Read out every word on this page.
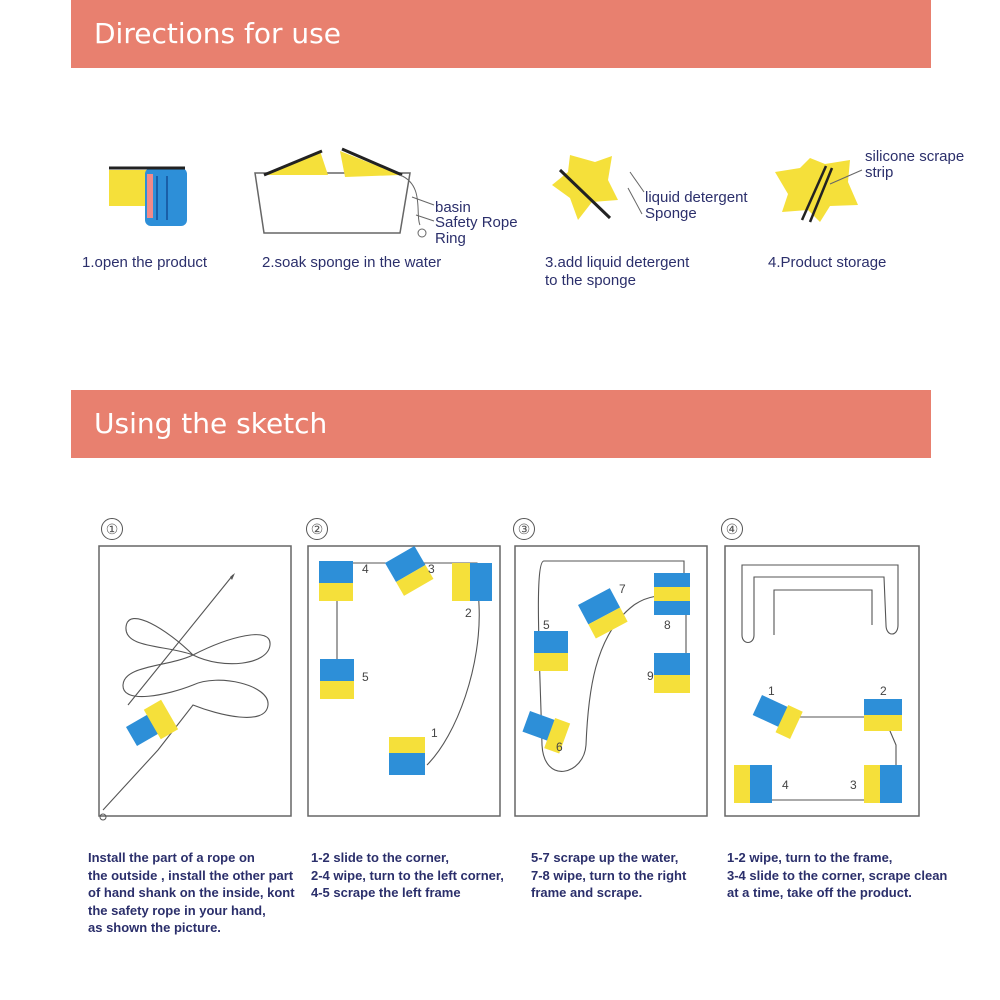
Directions for use
basin
Safety Rope
Ring
liquid detergent
Sponge
silicone scrape
strip
1.open the product	2.soak sponge in the water	3.add liquid detergent
to the sponge
4.Product storage
Using the sketch
①	②	③	④
1
2
3
4
5
5
6
7
8
9
1	2
3
4
Install the part of a rope on
the outside , install the other part
of hand shank on the inside, kont
the safety rope in your hand,
as shown the picture.
1-2 slide to the corner,
2-4 wipe, turn to the left corner,
4-5 scrape the left frame
5-7 scrape up the water,
7-8 wipe, turn to the right
frame and scrape.
1-2 wipe, turn to the frame,
3-4 slide to the corner, scrape clean
at a time, take off the product.
